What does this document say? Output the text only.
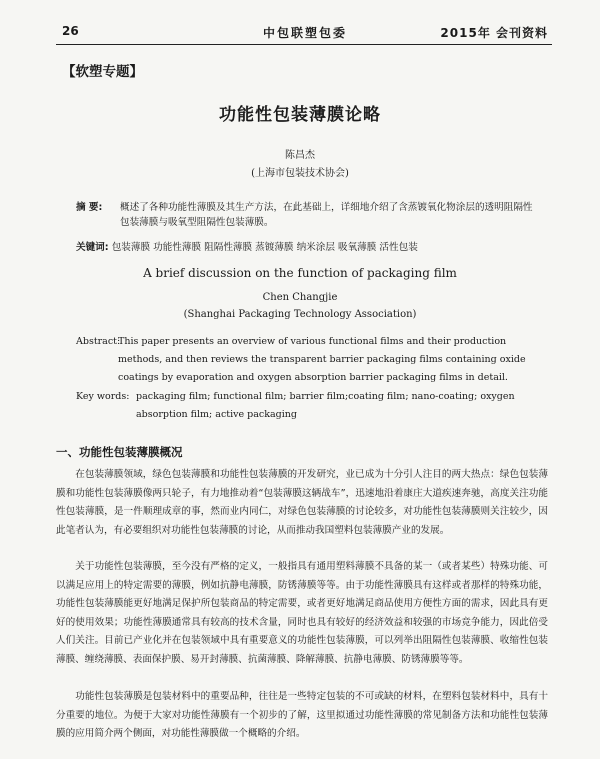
26	中包联塑包委	2015年 会刊资料
【软塑专题】
功能性包装薄膜论略
陈昌杰
(上海市包装技术协会)
摘 要:	概述了各种功能性薄膜及其生产方法，在此基础上，详细地介绍了含蒸镀氧化物涂层的透明阻隔性包装薄膜与吸氧型阻隔性包装薄膜。
关键词: 包装薄膜 功能性薄膜 阻隔性薄膜 蒸镀薄膜 纳米涂层 吸氧薄膜 活性包装
A brief discussion on the function of packaging film
Chen Changjie
(Shanghai Packaging Technology Association)
Abstract:
This paper presents an overview of various functional films and their production methods, and then reviews the transparent barrier packaging films containing oxide coatings by evaporation and oxygen absorption barrier packaging films in detail.
Key words: packaging film; functional film; barrier film;coating film; nano-coating; oxygen absorption film; active packaging
一、功能性包装薄膜概况

在包装薄膜领域，绿色包装薄膜和功能性包装薄膜的开发研究，业已成为十分引人注目的两大热点：绿色包装薄膜和功能性包装薄膜像两只轮子，有力地推动着“包装薄膜这辆战车”，迅速地沿着康庄大道疾速奔驰，高度关注功能性包装薄膜，是一件顺理成章的事，然而业内同仁，对绿色包装薄膜的讨论较多，对功能性包装薄膜则关注较少，因此笔者认为，有必要组织对功能性包装薄膜的讨论，从而推动我国塑料包装薄膜产业的发展。

关于功能性包装薄膜，至今没有严格的定义，一般指具有通用塑料薄膜不具备的某一（或者某些）特殊功能、可以满足应用上的特定需要的薄膜，例如抗静电薄膜，防锈薄膜等等。由于功能性薄膜具有这样或者那样的特殊功能，功能性包装薄膜能更好地满足保护所包装商品的特定需要，或者更好地满足商品使用方便性方面的需求，因此具有更好的使用效果；功能性薄膜通常具有较高的技术含量，同时也具有较好的经济效益和较强的市场竞争能力，因此倍受人们关注。目前已产业化并在包装领域中具有重要意义的功能性包装薄膜，可以列举出阻隔性包装薄膜、收缩性包装薄膜、缠绕薄膜、表面保护膜、易开封薄膜、抗菌薄膜、降解薄膜、抗静电薄膜、防锈薄膜等等。

功能性包装薄膜是包装材料中的重要品种，往往是一些特定包装的不可或缺的材料，在塑料包装材料中，具有十分重要的地位。为便于大家对功能性薄膜有一个初步的了解，这里拟通过功能性薄膜的常见制备方法和功能性包装薄膜的应用简介两个侧面，对功能性薄膜做一个概略的介绍。
